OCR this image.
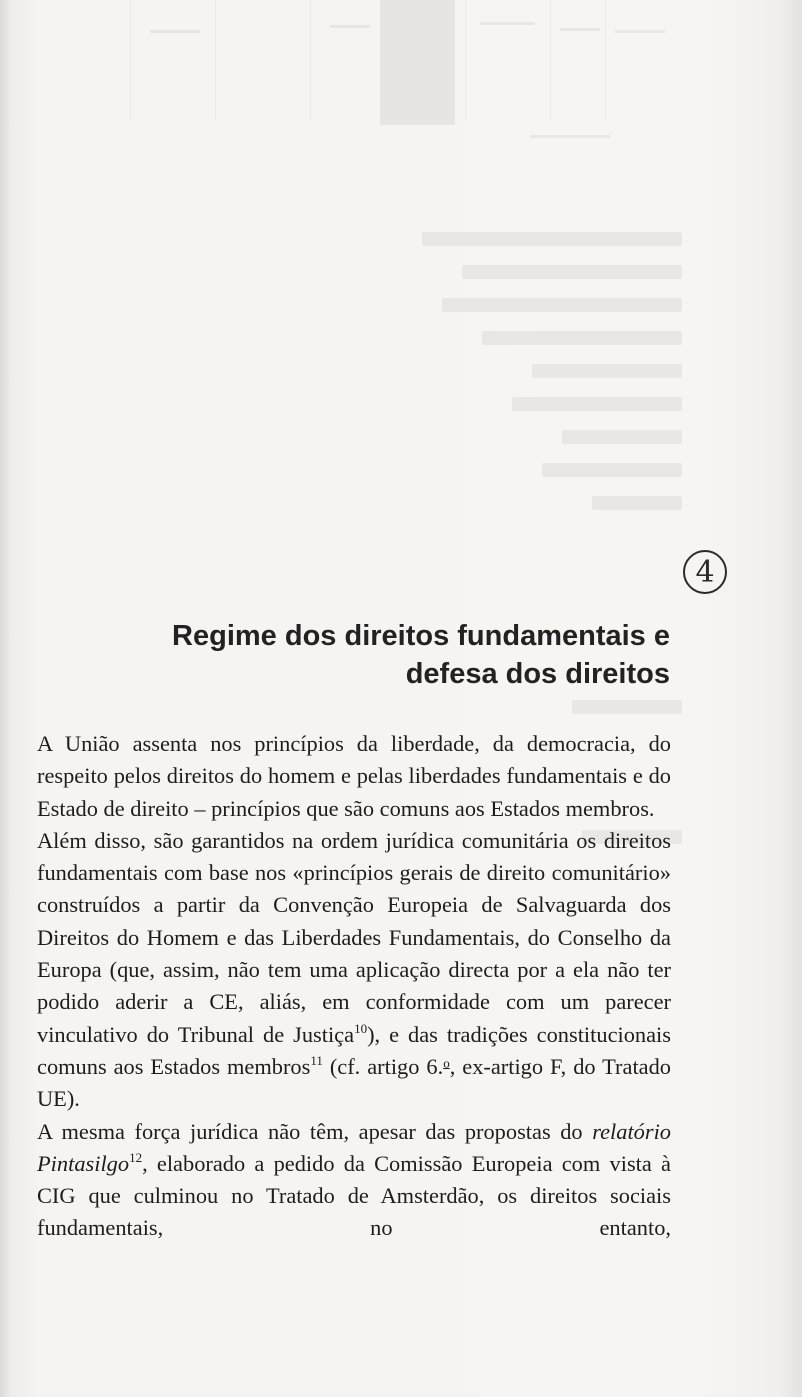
4
Regime dos direitos fundamentais e
defesa dos direitos

A União assenta nos princípios da liberdade, da democracia, do respeito pelos direitos do homem e pelas liberdades fundamentais e do Estado de direito – princípios que são comuns aos Estados membros.

Além disso, são garantidos na ordem jurídica comunitária os direitos fundamentais com base nos «princípios gerais de direito comunitário» construídos a partir da Convenção Europeia de Salvaguarda dos Direitos do Homem e das Liberdades Fundamentais, do Conselho da Europa (que, assim, não tem uma aplicação directa por a ela não ter podido aderir a CE, aliás, em conformidade com um parecer vinculativo do Tribunal de Justiça$^{10}$), e das tradições constitucionais comuns aos Estados membros$^{11}$ (cf. artigo 6.$^o$, ex-artigo F, do Tratado UE).

A mesma força jurídica não têm, apesar das propostas do relatório Pintasilgo$^{12}$, elaborado a pedido da Comissão Europeia com vista à CIG que culminou no Tratado de Amsterdão, os direitos sociais fundamentais, no entanto,
